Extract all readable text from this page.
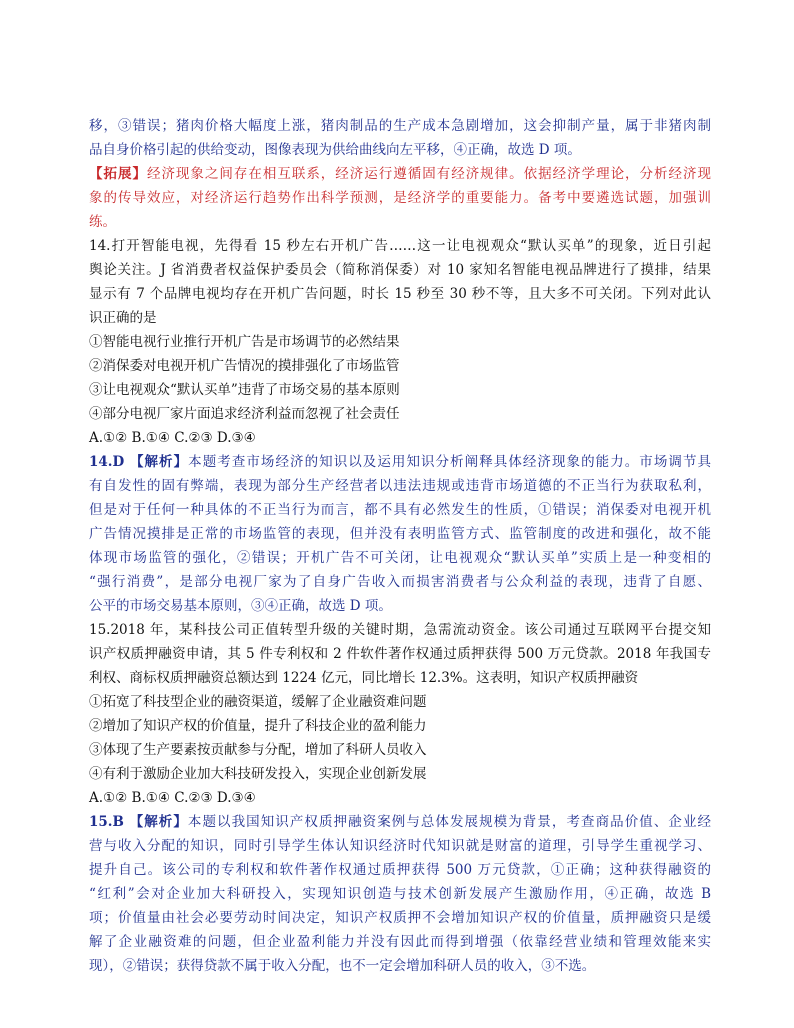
移，③错误；猪肉价格大幅度上涨，猪肉制品的生产成本急剧增加，这会抑制产量，属于非猪肉制
品自身价格引起的供给变动，图像表现为供给曲线向左平移，④正确，故选 D 项。
【拓展】经济现象之间存在相互联系，经济运行遵循固有经济规律。依据经济学理论，分析经济现
象的传导效应，对经济运行趋势作出科学预测，是经济学的重要能力。备考中要遴选试题，加强训
练。
14.打开智能电视，先得看 15 秒左右开机广告……这一让电视观众“默认买单”的现象，近日引起
舆论关注。J 省消费者权益保护委员会（简称消保委）对 10 家知名智能电视品牌进行了摸排，结果
显示有 7 个品牌电视均存在开机广告问题，时长 15 秒至 30 秒不等，且大多不可关闭。下列对此认
识正确的是
①智能电视行业推行开机广告是市场调节的必然结果
②消保委对电视开机广告情况的摸排强化了市场监管
③让电视观众“默认买单”违背了市场交易的基本原则
④部分电视厂家片面追求经济利益而忽视了社会责任
A.①② B.①④ C.②③ D.③④
14.D 【解析】本题考查市场经济的知识以及运用知识分析阐释具体经济现象的能力。市场调节具
有自发性的固有弊端，表现为部分生产经营者以违法违规或违背市场道德的不正当行为获取私利，
但是对于任何一种具体的不正当行为而言，都不具有必然发生的性质，①错误；消保委对电视开机
广告情况摸排是正常的市场监管的表现，但并没有表明监管方式、监管制度的改进和强化，故不能
体现市场监管的强化，②错误；开机广告不可关闭，让电视观众“默认买单”实质上是一种变相的
“强行消费”，是部分电视厂家为了自身广告收入而损害消费者与公众利益的表现，违背了自愿、
公平的市场交易基本原则，③④正确，故选 D 项。
15.2018 年，某科技公司正值转型升级的关键时期，急需流动资金。该公司通过互联网平台提交知
识产权质押融资申请，其 5 件专利权和 2 件软件著作权通过质押获得 500 万元贷款。2018 年我国专
利权、商标权质押融资总额达到 1224 亿元，同比增长 12.3%。这表明，知识产权质押融资
①拓宽了科技型企业的融资渠道，缓解了企业融资难问题
②增加了知识产权的价值量，提升了科技企业的盈利能力
③体现了生产要素按贡献参与分配，增加了科研人员收入
④有利于激励企业加大科技研发投入，实现企业创新发展
A.①② B.①④ C.②③ D.③④
15.B 【解析】本题以我国知识产权质押融资案例与总体发展规模为背景，考查商品价值、企业经
营与收入分配的知识，同时引导学生体认知识经济时代知识就是财富的道理，引导学生重视学习、
提升自己。该公司的专利权和软件著作权通过质押获得 500 万元贷款，①正确；这种获得融资的
“红利”会对企业加大科研投入，实现知识创造与技术创新发展产生激励作用，④正确，故选 B
项；价值量由社会必要劳动时间决定，知识产权质押不会增加知识产权的价值量，质押融资只是缓
解了企业融资难的问题，但企业盈利能力并没有因此而得到增强（依靠经营业绩和管理效能来实
现），②错误；获得贷款不属于收入分配，也不一定会增加科研人员的收入，③不选。
